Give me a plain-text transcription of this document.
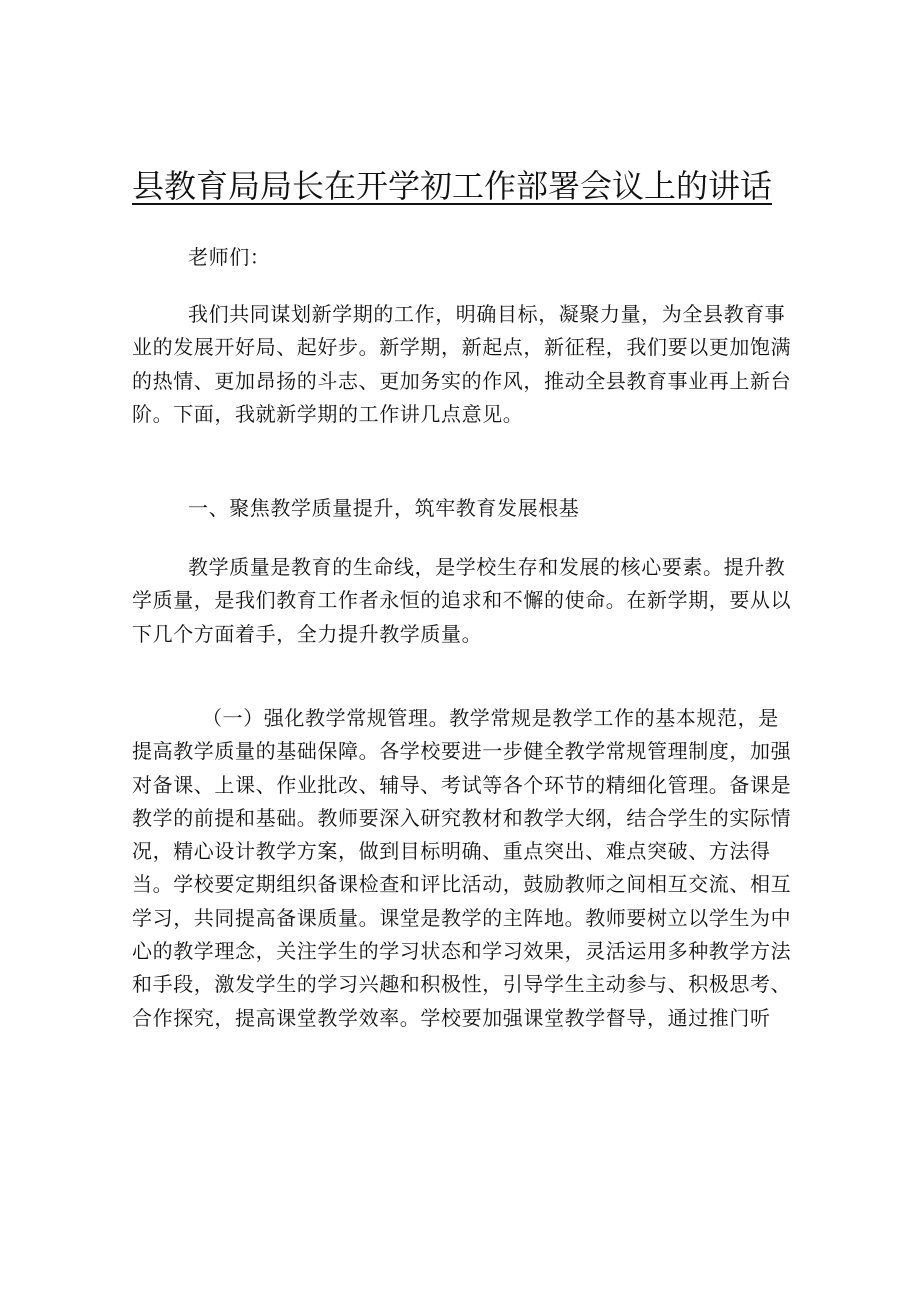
县教育局局长在开学初工作部署会议上的讲话

老师们：

我们共同谋划新学期的工作，明确目标，凝聚力量，为全县教育事业的发展开好局、起好步。新学期，新起点，新征程，我们要以更加饱满的热情、更加昂扬的斗志、更加务实的作风，推动全县教育事业再上新台阶。下面，我就新学期的工作讲几点意见。

一、聚焦教学质量提升，筑牢教育发展根基

教学质量是教育的生命线，是学校生存和发展的核心要素。提升教学质量，是我们教育工作者永恒的追求和不懈的使命。在新学期，要从以下几个方面着手，全力提升教学质量。

（一）强化教学常规管理。教学常规是教学工作的基本规范，是提高教学质量的基础保障。各学校要进一步健全教学常规管理制度，加强对备课、上课、作业批改、辅导、考试等各个环节的精细化管理。备课是教学的前提和基础。教师要深入研究教材和教学大纲，结合学生的实际情况，精心设计教学方案，做到目标明确、重点突出、难点突破、方法得当。学校要定期组织备课检查和评比活动，鼓励教师之间相互交流、相互学习，共同提高备课质量。课堂是教学的主阵地。教师要树立以学生为中心的教学理念，关注学生的学习状态和学习效果，灵活运用多种教学方法和手段，激发学生的学习兴趣和积极性，引导学生主动参与、积极思考、合作探究，提高课堂教学效率。学校要加强课堂教学督导，通过推门听
